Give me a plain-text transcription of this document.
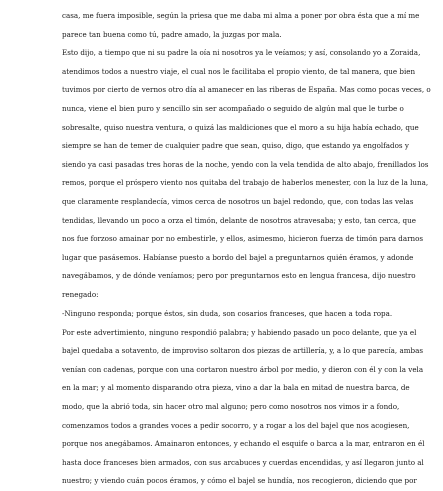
casa, me fuera imposible, según la priesa que me daba mi alma a poner por obra ésta que a mí me
parece tan buena como tú, padre amado, la juzgas por mala.
Esto dijo, a tiempo que ni su padre la oía ni nosotros ya le veíamos; y así, consolando yo a Zoraida,
atendimos todos a nuestro viaje, el cual nos le facilitaba el propio viento, de tal manera, que bien
tuvimos por cierto de vernos otro día al amanecer en las riberas de España. Mas como pocas veces, o
nunca, viene el bien puro y sencillo sin ser acompañado o seguido de algún mal que le turbe o
sobresalte, quiso nuestra ventura, o quizá las maldiciones que el moro a su hija había echado, que
siempre se han de temer de cualquier padre que sean, quiso, digo, que estando ya engolfados y
siendo ya casi pasadas tres horas de la noche, yendo con la vela tendida de alto abajo, frenillados los
remos, porque el próspero viento nos quitaba del trabajo de haberlos menester, con la luz de la luna,
que claramente resplandecía, vimos cerca de nosotros un bajel redondo, que, con todas las velas
tendidas, llevando un poco a orza el timón, delante de nosotros atravesaba; y esto, tan cerca, que
nos fue forzoso amainar por no embestirle, y ellos, asimesmo, hicieron fuerza de timón para darnos
lugar que pasásemos. Habíanse puesto a bordo del bajel a preguntarnos quién éramos, y adonde
navegábamos, y de dónde veníamos; pero por preguntarnos esto en lengua francesa, dijo nuestro
renegado:
-Ninguno responda; porque éstos, sin duda, son cosarios franceses, que hacen a toda ropa.
Por este advertimiento, ninguno respondió palabra; y habiendo pasado un poco delante, que ya el
bajel quedaba a sotavento, de improviso soltaron dos piezas de artillería, y, a lo que parecía, ambas
venían con cadenas, porque con una cortaron nuestro árbol por medio, y dieron con él y con la vela
en la mar; y al momento disparando otra pieza, vino a dar la bala en mitad de nuestra barca, de
modo, que la abrió toda, sin hacer otro mal alguno; pero como nosotros nos vimos ir a fondo,
comenzamos todos a grandes voces a pedir socorro, y a rogar a los del bajel que nos acogiesen,
porque nos anegábamos. Amainaron entonces, y echando el esquife o barca a la mar, entraron en él
hasta doce franceses bien armados, con sus arcabuces y cuerdas encendidas, y así llegaron junto al
nuestro; y viendo cuán pocos éramos, y cómo el bajel se hundía, nos recogieron, diciendo que por
